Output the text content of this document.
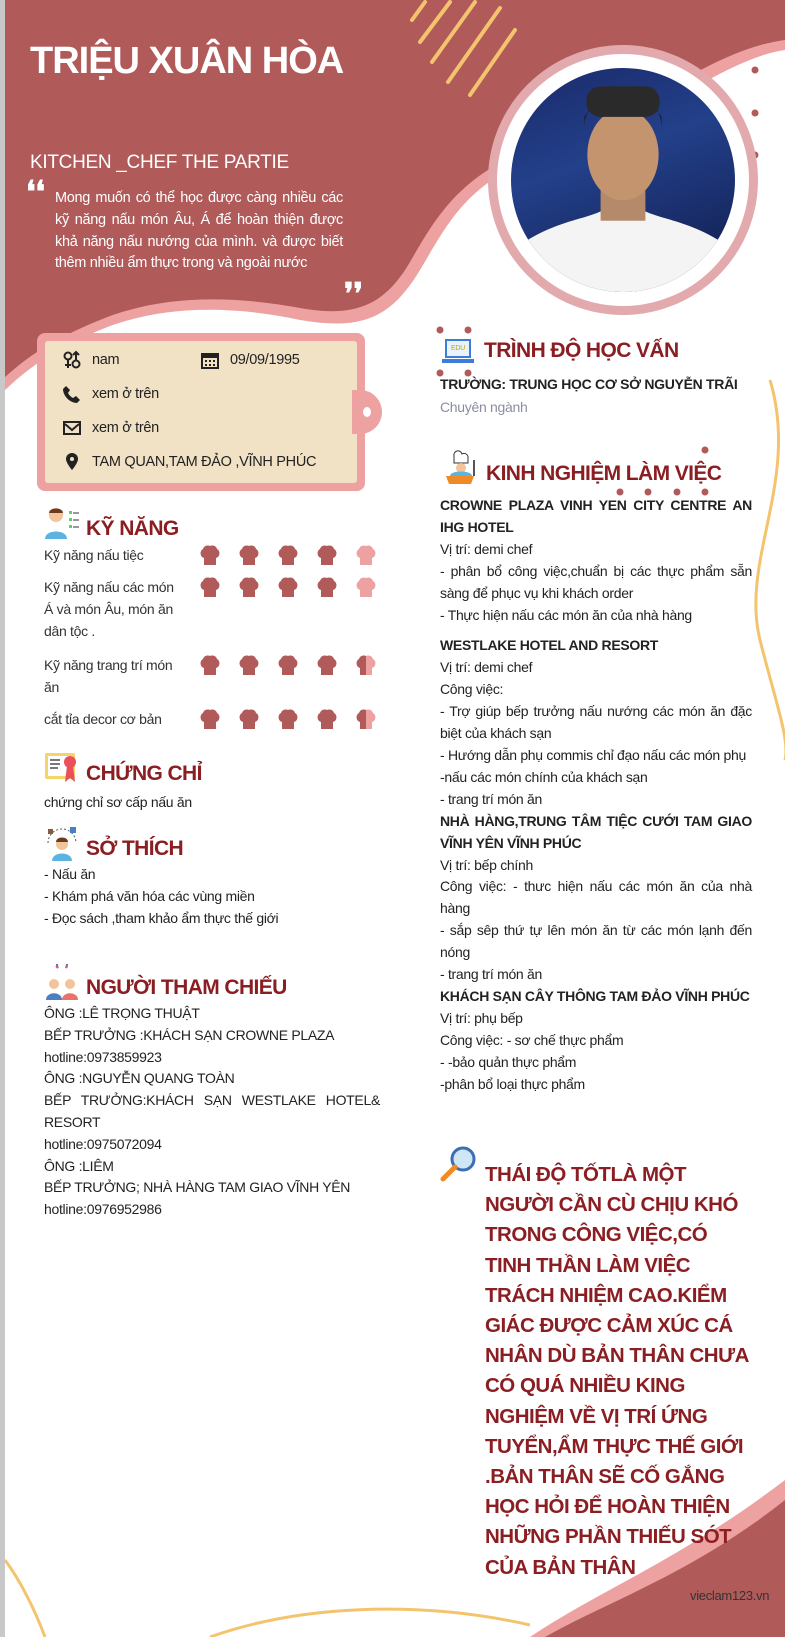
TRIỆU XUÂN HÒA
KITCHEN _CHEF THE PARTIE
❛❛ Mong muốn có thể học được càng nhiều các kỹ năng nấu món Âu, Á để hoàn thiện được khả năng nấu nướng của mình. và được biết thêm nhiều ẩm thực trong và ngoài nước
❜❜
nam	09/09/1995
xem ở trên
xem ở trên
TAM QUAN,TAM ĐẢO ,VĨNH PHÚC
KỸ NĂNG
Kỹ năng nấu tiệc
Kỹ năng nấu các món Á và món Âu, món ăn dân tộc .
Kỹ năng trang trí món ăn
cắt tỉa decor cơ bản
CHỨNG CHỈ
chứng chỉ sơ cấp nấu ăn
SỞ THÍCH
- Nấu ăn
- Khám phá văn hóa các vùng miền
- Đọc sách ,tham khảo ẩm thực thế giới
NGƯỜI THAM CHIẾU
ÔNG :LÊ TRỌNG THUẬT
BẾP TRƯỞNG :KHÁCH SẠN CROWNE PLAZA
hotline:0973859923
ÔNG :NGUYỄN QUANG TOÀN
BẾP TRƯỞNG:KHÁCH SẠN WESTLAKE HOTEL& RESORT
hotline:0975072094
ÔNG :LIÊM
BẾP TRƯỞNG; NHÀ HÀNG TAM GIAO VĨNH YÊN
hotline:0976952986
EDU TRÌNH ĐỘ HỌC VẤN
TRƯỜNG: TRUNG HỌC CƠ SỞ NGUYỄN TRÃI
Chuyên ngành
KINH NGHIỆM LÀM VIỆC
CROWNE PLAZA VINH YEN CITY CENTRE AN IHG HOTEL
Vị trí: demi chef
- phân bổ công việc,chuẩn bị các thực phẩm sẵn sàng để phục vụ khi khách order
- Thực hiện nấu các món ăn của nhà hàng
WESTLAKE HOTEL AND RESORT
Vị trí: demi chef
Công việc:
- Trợ giúp bếp trưởng nấu nướng các món ăn đặc biệt của khách sạn
- Hướng dẫn phụ commis chỉ đạo nấu các món phụ
-nấu các món chính của khách sạn
- trang trí món ăn
NHÀ HÀNG,TRUNG TÂM TIỆC CƯỚI TAM GIAO VĨNH YÊN VĨNH PHÚC
Vị trí: bếp chính
Công việc: - thưc hiện nấu các món ăn của nhà hàng
- sắp sêp thứ tự lên món ăn từ các món lạnh đến nóng
- trang trí món ăn
KHÁCH SẠN CÂY THÔNG TAM ĐẢO VĨNH PHÚC
Vị trí: phụ bếp
Công việc: - sơ chế thực phẩm
- -bảo quản thực phẩm
-phân bổ loại thực phẩm
THÁI ĐỘ TỐTLÀ MỘT NGƯỜI CẦN CÙ CHỊU KHÓ TRONG CÔNG VIỆC,CÓ TINH THẦN LÀM VIỆC TRÁCH NHIỆM CAO.KIỂM GIÁC ĐƯỢC CẢM XÚC CÁ NHÂN DÙ BẢN THÂN CHƯA CÓ QUÁ NHIỀU KING NGHIỆM VỀ VỊ TRÍ ỨNG TUYỂN,ẨM THỰC THẾ GIỚI .BẢN THÂN SẼ CỐ GẮNG HỌC HỎI ĐỂ HOÀN THIỆN NHỮNG PHẦN THIẾU SÓT CỦA BẢN THÂN
vieclam123.vn
